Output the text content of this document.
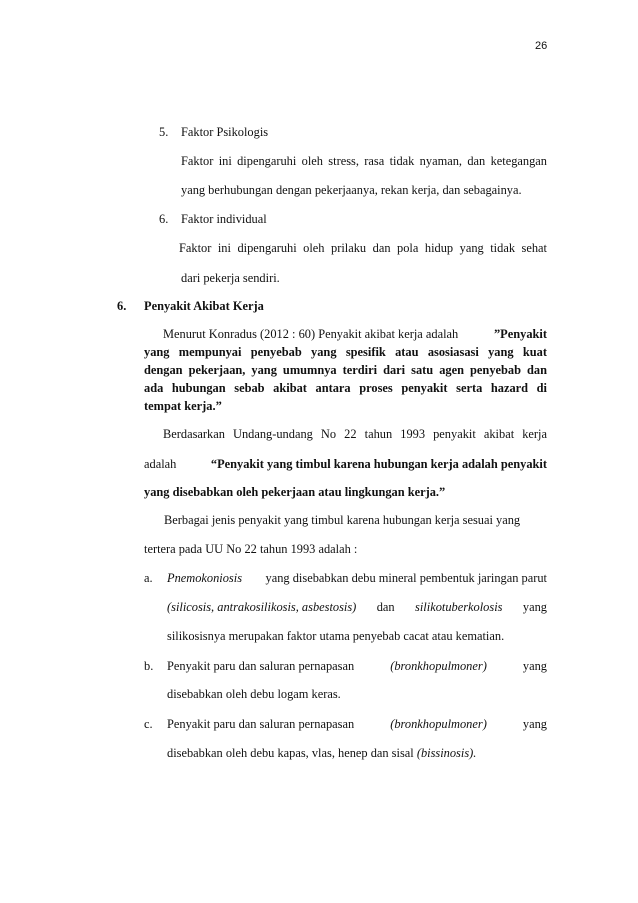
26
5. Faktor Psikologis
Faktor ini dipengaruhi oleh stress, rasa tidak nyaman, dan ketegangan
yang berhubungan dengan pekerjaanya, rekan kerja, dan sebagainya.
6. Faktor individual
Faktor ini dipengaruhi oleh prilaku dan pola hidup yang tidak sehat
dari pekerja sendiri.
6. Penyakit Akibat Kerja
Menurut Konradus (2012 : 60) Penyakit akibat kerja adalah	”Penyakit
yang mempunyai penyebab yang spesifik atau asosiasasi yang kuat
dengan pekerjaan, yang umumnya terdiri dari satu agen penyebab dan
ada hubungan sebab akibat antara proses penyakit serta hazard di
tempat kerja.”
Berdasarkan Undang-undang No 22 tahun 1993 penyakit akibat kerja
adalah	“Penyakit yang timbul karena hubungan kerja adalah penyakit
yang disebabkan oleh pekerjaan atau lingkungan kerja.”
Berbagai jenis penyakit yang timbul karena hubungan kerja sesuai yang
tertera pada UU No 22 tahun 1993 adalah :
a. Pnemokoniosis yang disebabkan debu mineral pembentuk jaringan parut
(silicosis, antrakosilikosis, asbestosis) dan silikotuberkolosis yang
silikosisnya merupakan faktor utama penyebab cacat atau kematian.
b. Penyakit paru dan saluran pernapasan	(bronkhopulmoner)	yang
disebabkan oleh debu logam keras.
c. Penyakit paru dan saluran pernapasan	(bronkhopulmoner)	yang
disebabkan oleh debu kapas, vlas, henep dan sisal (bissinosis).
